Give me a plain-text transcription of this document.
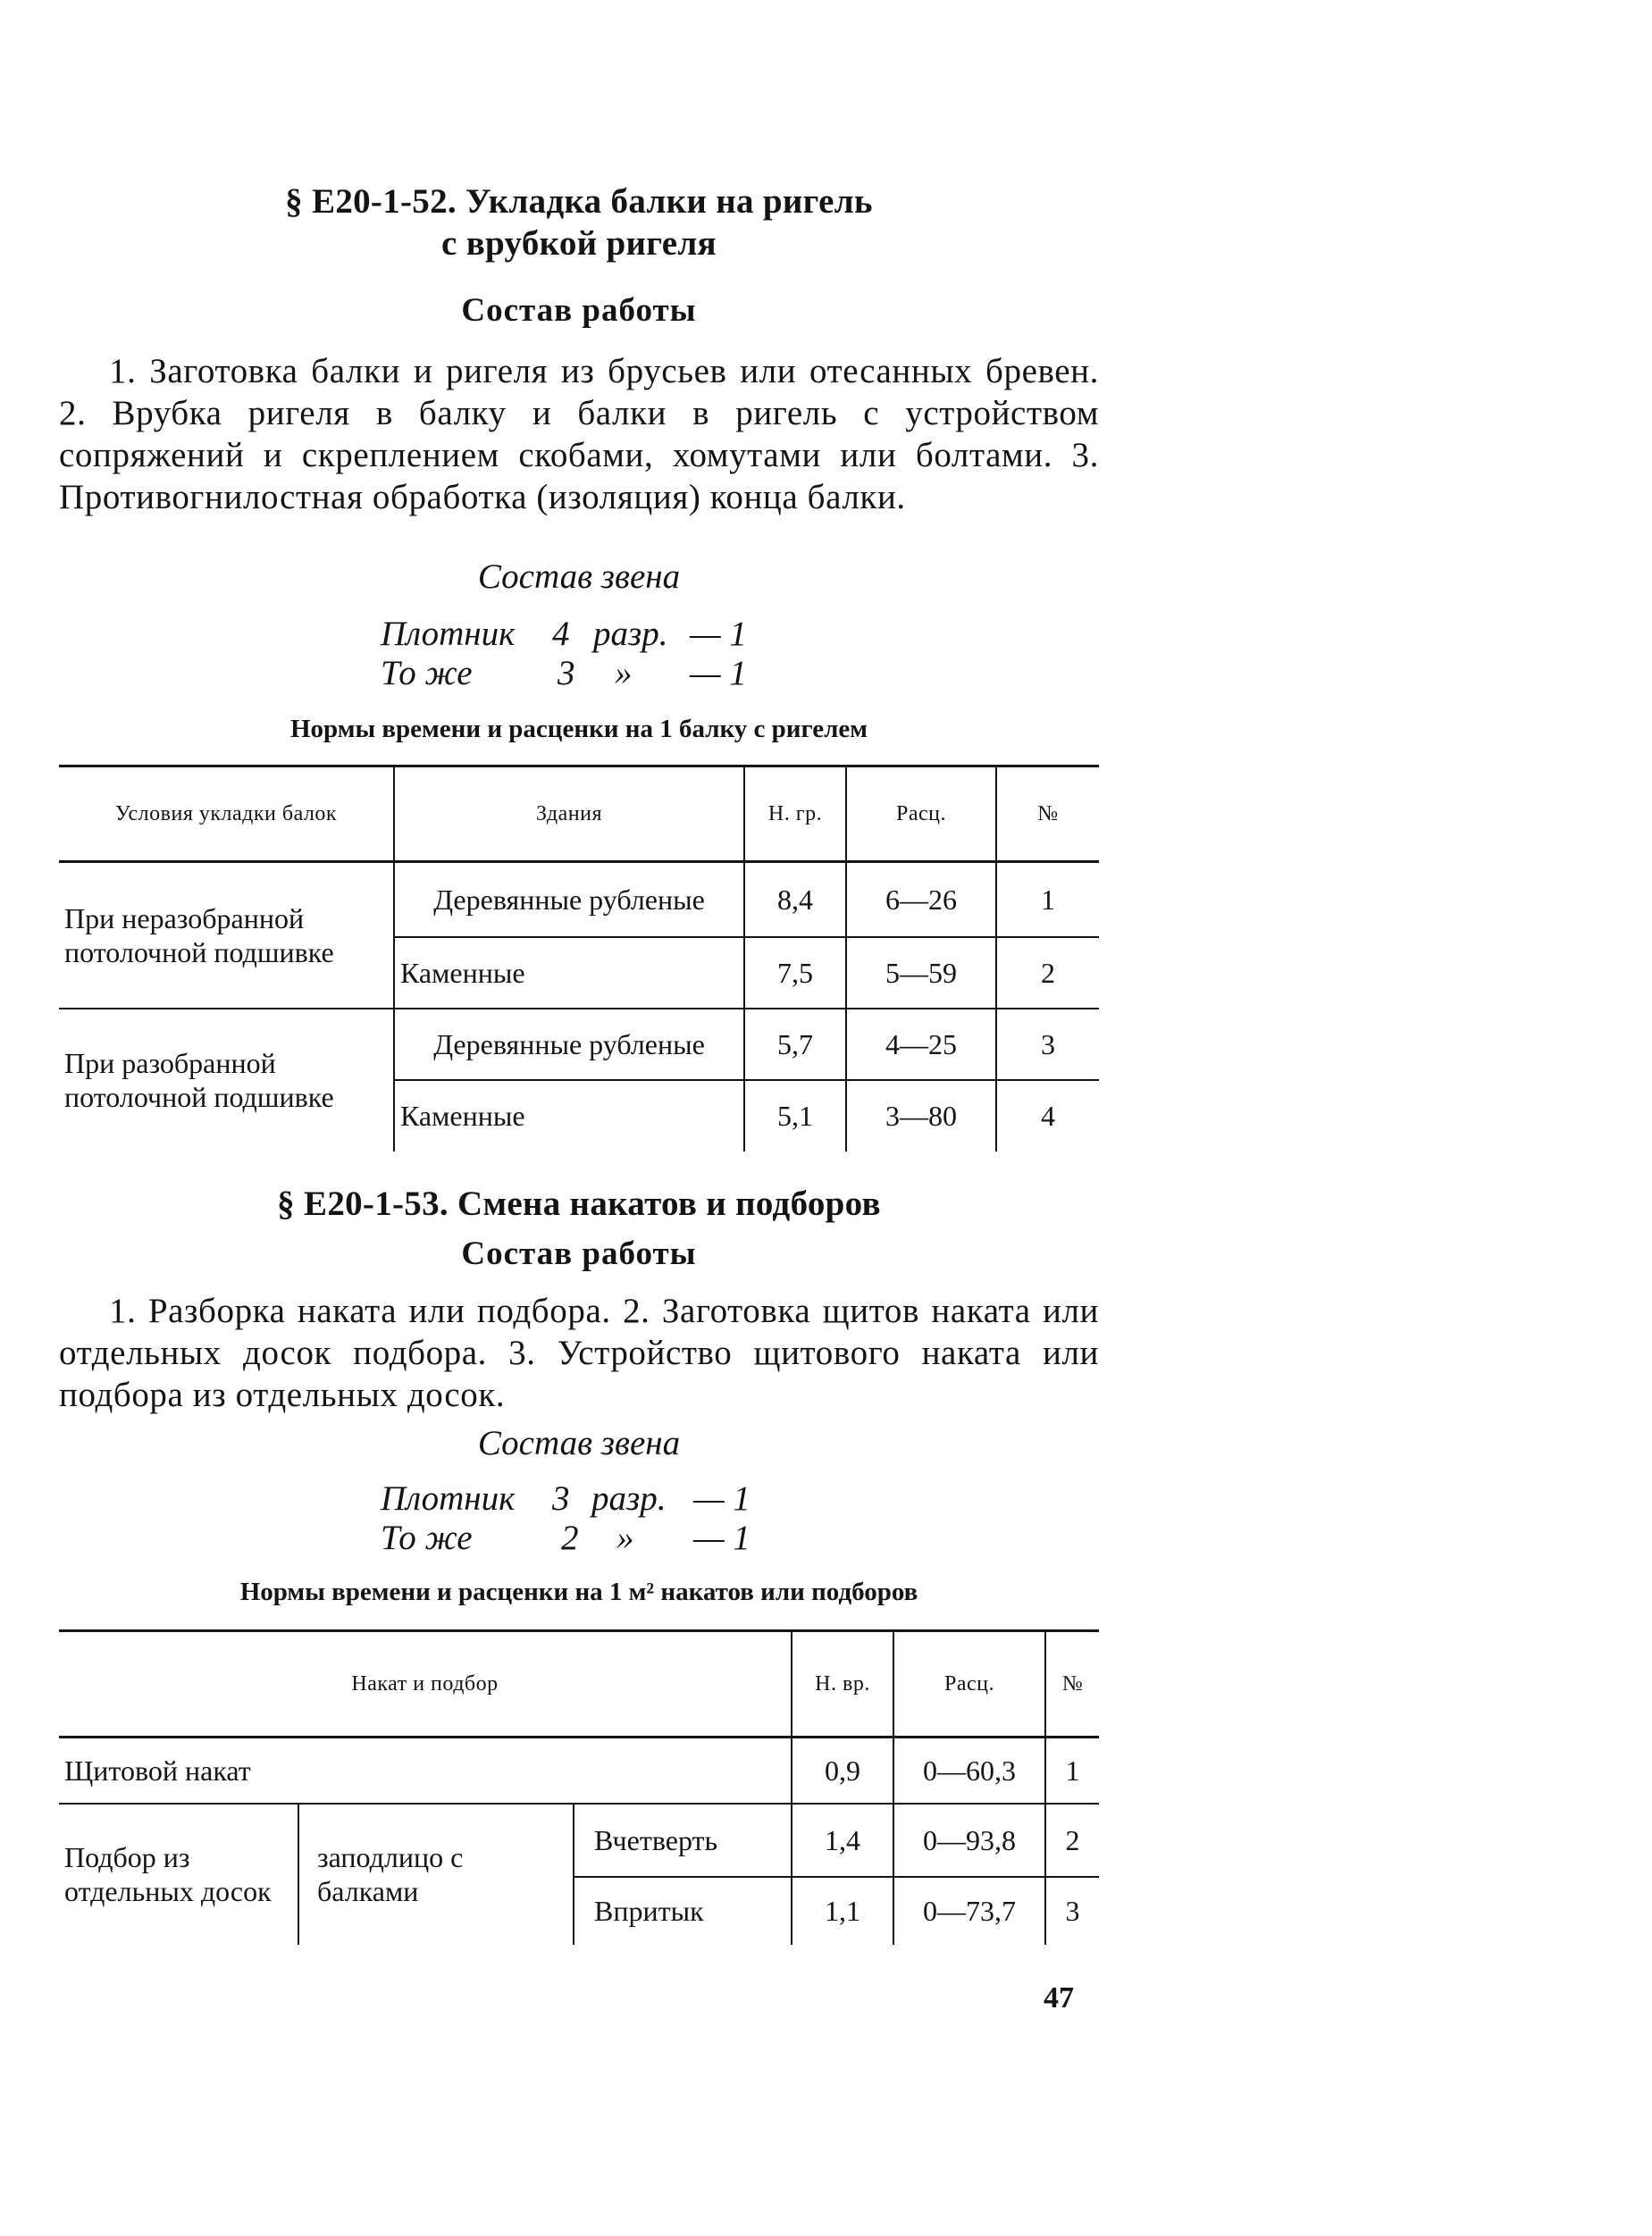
§ Е20-1-52. Укладка балки на ригель
с врубкой ригеля
Состав работы

1. Заготовка балки и ригеля из брусьев или отесанных бревен. 2. Врубка ригеля в балку и балки в ригель с устройством сопряжений и скреплением скобами, хомутами или болтами. 3. Противогнилостная обработка (изоляция) конца балки.

Состав звена
Плотник 4 разр. — 1
То же 3 » — 1

Нормы времени и расценки на 1 балку с ригелем

Условия укладки балок	Здания	Н. гр.	Расц.	№
При неразобранной потолочной подшивке	Деревянные рубленые	8,4	6—26	1
	Каменные	7,5	5—59	2
При разобранной потолочной подшивке	Деревянные рубленые	5,7	4—25	3
	Каменные	5,1	3—80	4
§ Е20-1-53. Смена накатов и подборов
Состав работы

1. Разборка наката или подбора. 2. Заготовка щитов наката или отдельных досок подбора. 3. Устройство щитового наката или подбора из отдельных досок.

Состав звена
Плотник 3 разр. — 1
То же	2 » — 1

Нормы времени и расценки на 1 м² накатов или подборов

Накат и подбор			Н. вр.	Расц.	№
Щитовой накат			0,9	0—60,3	1
Подбор из отдельных досок	заподлицо с балками	Вчетверть	1,4	0—93,8	2
		Впритык	1,1	0—73,7	3
47
